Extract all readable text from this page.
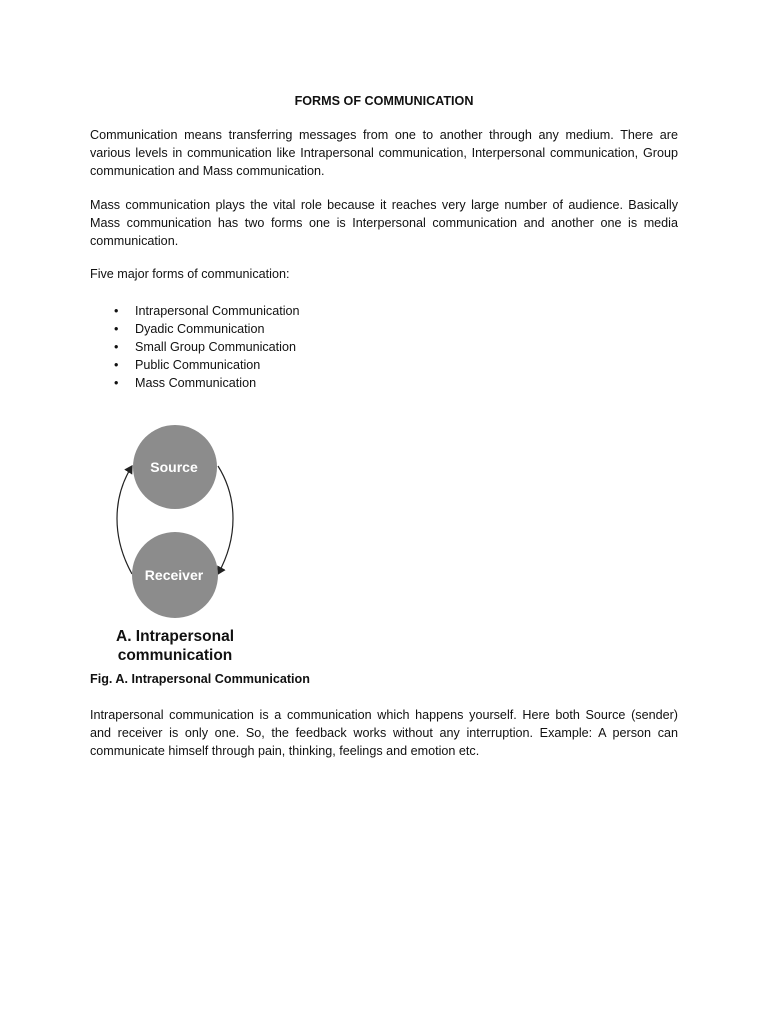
FORMS OF COMMUNICATION

Communication means transferring messages from one to another through any medium. There are various levels in communication like Intrapersonal communication, Interpersonal communication, Group communication and Mass communication.

Mass communication plays the vital role because it reaches very large number of audience. Basically Mass communication has two forms one is Interpersonal communication and another one is media communication.

Five major forms of communication:

• Intrapersonal Communication
• Dyadic Communication
• Small Group Communication
• Public Communication
• Mass Communication
Source
Receiver
A. Intrapersonal
communication
Fig. A. Intrapersonal Communication

Intrapersonal communication is a communication which happens yourself. Here both Source (sender) and receiver is only one. So, the feedback works without any interruption. Example: A person can communicate himself through pain, thinking, feelings and emotion etc.
